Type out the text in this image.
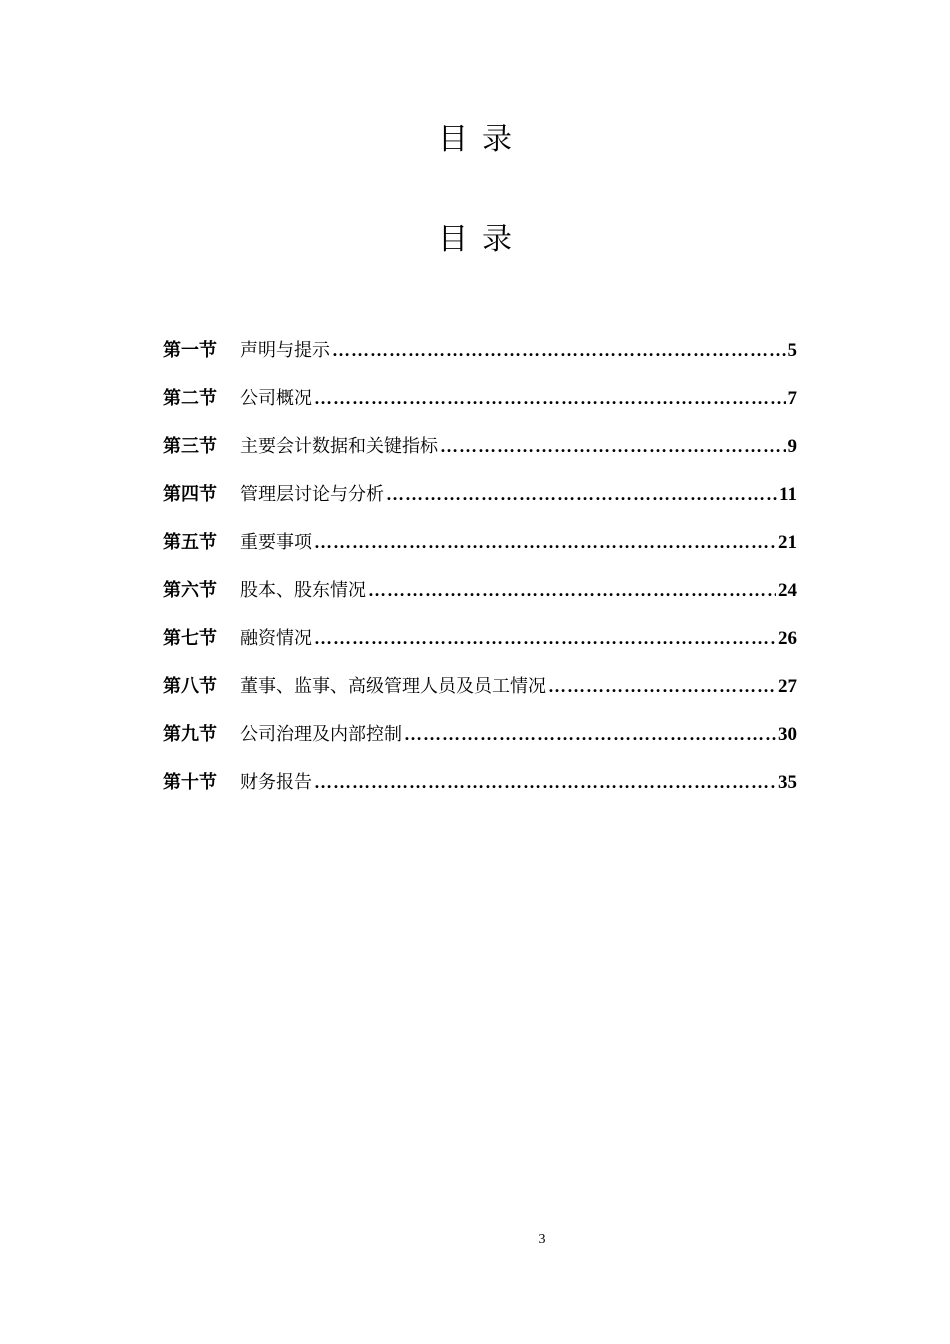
目录
目录
第一节	声明与提示 ……………………………………………………………………………………………………………………………………………………	5
第二节	公司概况 ……………………………………………………………………………………………………………………………………………………	7
第三节	主要会计数据和关键指标 ……………………………………………………………………………………………………………………………………………………	9
第四节	管理层讨论与分析 ……………………………………………………………………………………………………………………………………………………	11
第五节	重要事项 ……………………………………………………………………………………………………………………………………………………	21
第六节	股本、股东情况 ……………………………………………………………………………………………………………………………………………………	24
第七节	融资情况 ……………………………………………………………………………………………………………………………………………………	26
第八节	董事、监事、高级管理人员及员工情况 ……………………………………………………………………………………………………………………………………………………	27
第九节	公司治理及内部控制 ……………………………………………………………………………………………………………………………………………………	30
第十节	财务报告 ……………………………………………………………………………………………………………………………………………………	35
3
